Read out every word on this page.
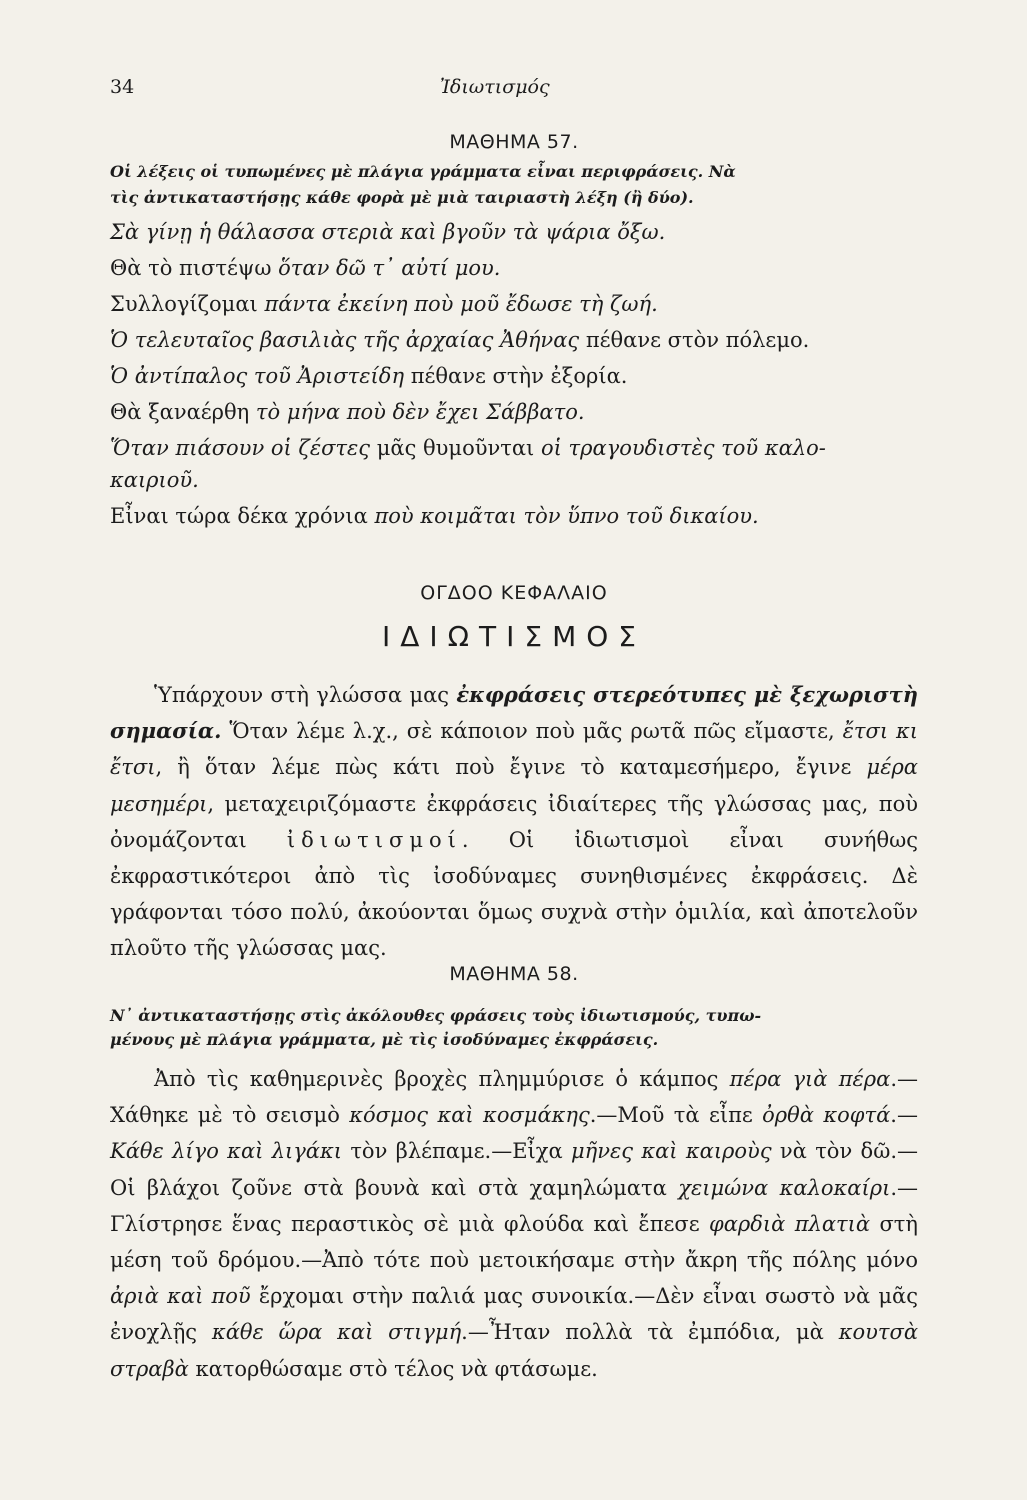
34	Ἰδιωτισμός
ΜΑΘΗΜΑ 57.
Οἱ λέξεις οἱ τυπωμένες μὲ πλάγια γράμματα εἶναι περιφράσεις. Νὰ
τὶς ἀντικαταστήσῃς κάθε φορὰ μὲ μιὰ ταιριαστὴ λέξη (ἢ δύο).
Σὰ γίνῃ ἡ θάλασσα στεριὰ καὶ βγοῦν τὰ ψάρια ὄξω.
Θὰ τὸ πιστέψω ὅταν δῶ τ᾿ αὐτί μου.
Συλλογίζομαι πάντα ἐκείνη ποὺ μοῦ ἔδωσε τὴ ζωή.
Ὁ τελευταῖος βασιλιὰς τῆς ἀρχαίας Ἀθήνας πέθανε στὸν πόλεμο.
Ὁ ἀντίπαλος τοῦ Ἀριστείδη πέθανε στὴν ἐξορία.
Θὰ ξαναέρθη τὸ μήνα ποὺ δὲν ἔχει Σάββατο.
Ὅταν πιάσουν οἱ ζέστες μᾶς θυμοῦνται οἱ τραγουδιστὲς τοῦ καλο-
καιριοῦ.
Εἶναι τώρα δέκα χρόνια ποὺ κοιμᾶται τὸν ὕπνο τοῦ δικαίου.
ΟΓΔΟΟ ΚΕΦΑΛΑΙΟ
ΙΔΙΩΤΙΣΜΟΣ
Ὑπάρχουν στὴ γλώσσα μας ἐκφράσεις στερεότυπες μὲ ξεχωριστὴ σημασία. Ὅταν λέμε λ.χ., σὲ κάποιον ποὺ μᾶς ρωτᾶ πῶς εἴμαστε, ἔτσι κι ἔτσι, ἢ ὅταν λέμε πὼς κάτι ποὺ ἔγινε τὸ καταμεσήμερο, ἔγινε μέρα μεσημέρι, μεταχειριζόμαστε ἐκφράσεις ἰδιαίτερες τῆς γλώσσας μας, ποὺ ὀνομάζονται ἰδιωτισμοί. Οἱ ἰδιωτισμοὶ εἶναι συνήθως ἐκφραστικότεροι ἀπὸ τὶς ἰσοδύναμες συνηθισμένες ἐκφράσεις. Δὲ γράφονται τόσο πολύ, ἀκούονται ὅμως συχνὰ στὴν ὁμιλία, καὶ ἀποτελοῦν πλοῦτο τῆς γλώσσας μας.
ΜΑΘΗΜΑ 58.
Ν᾿ ἀντικαταστήσῃς στὶς ἀκόλουθες φράσεις τοὺς ἰδιωτισμούς, τυπω-
μένους μὲ πλάγια γράμματα, μὲ τὶς ἰσοδύναμες ἐκφράσεις.
Ἀπὸ τὶς καθημερινὲς βροχὲς πλημμύρισε ὁ κάμπος πέρα γιὰ πέρα.—Χάθηκε μὲ τὸ σεισμὸ κόσμος καὶ κοσμάκης.—Μοῦ τὰ εἶπε ὀρθὰ κοφτά.—Κάθε λίγο καὶ λιγάκι τὸν βλέπαμε.—Εἶχα μῆνες καὶ καιροὺς νὰ τὸν δῶ.—Οἱ βλάχοι ζοῦνε στὰ βουνὰ καὶ στὰ χαμηλώματα χειμώνα καλοκαίρι.—Γλίστρησε ἕνας περαστικὸς σὲ μιὰ φλούδα καὶ ἔπεσε φαρδιὰ πλατιὰ στὴ μέση τοῦ δρόμου.—Ἀπὸ τότε ποὺ μετοικήσαμε στὴν ἄκρη τῆς πόλης μόνο ἀριὰ καὶ ποῦ ἔρχομαι στὴν παλιά μας συνοικία.—Δὲν εἶναι σωστὸ νὰ μᾶς ἐνοχλῇς κάθε ὥρα καὶ στιγμή.—Ἦταν πολλὰ τὰ ἐμπόδια, μὰ κουτσὰ στραβὰ κατορθώσαμε στὸ τέλος νὰ φτάσωμε.
